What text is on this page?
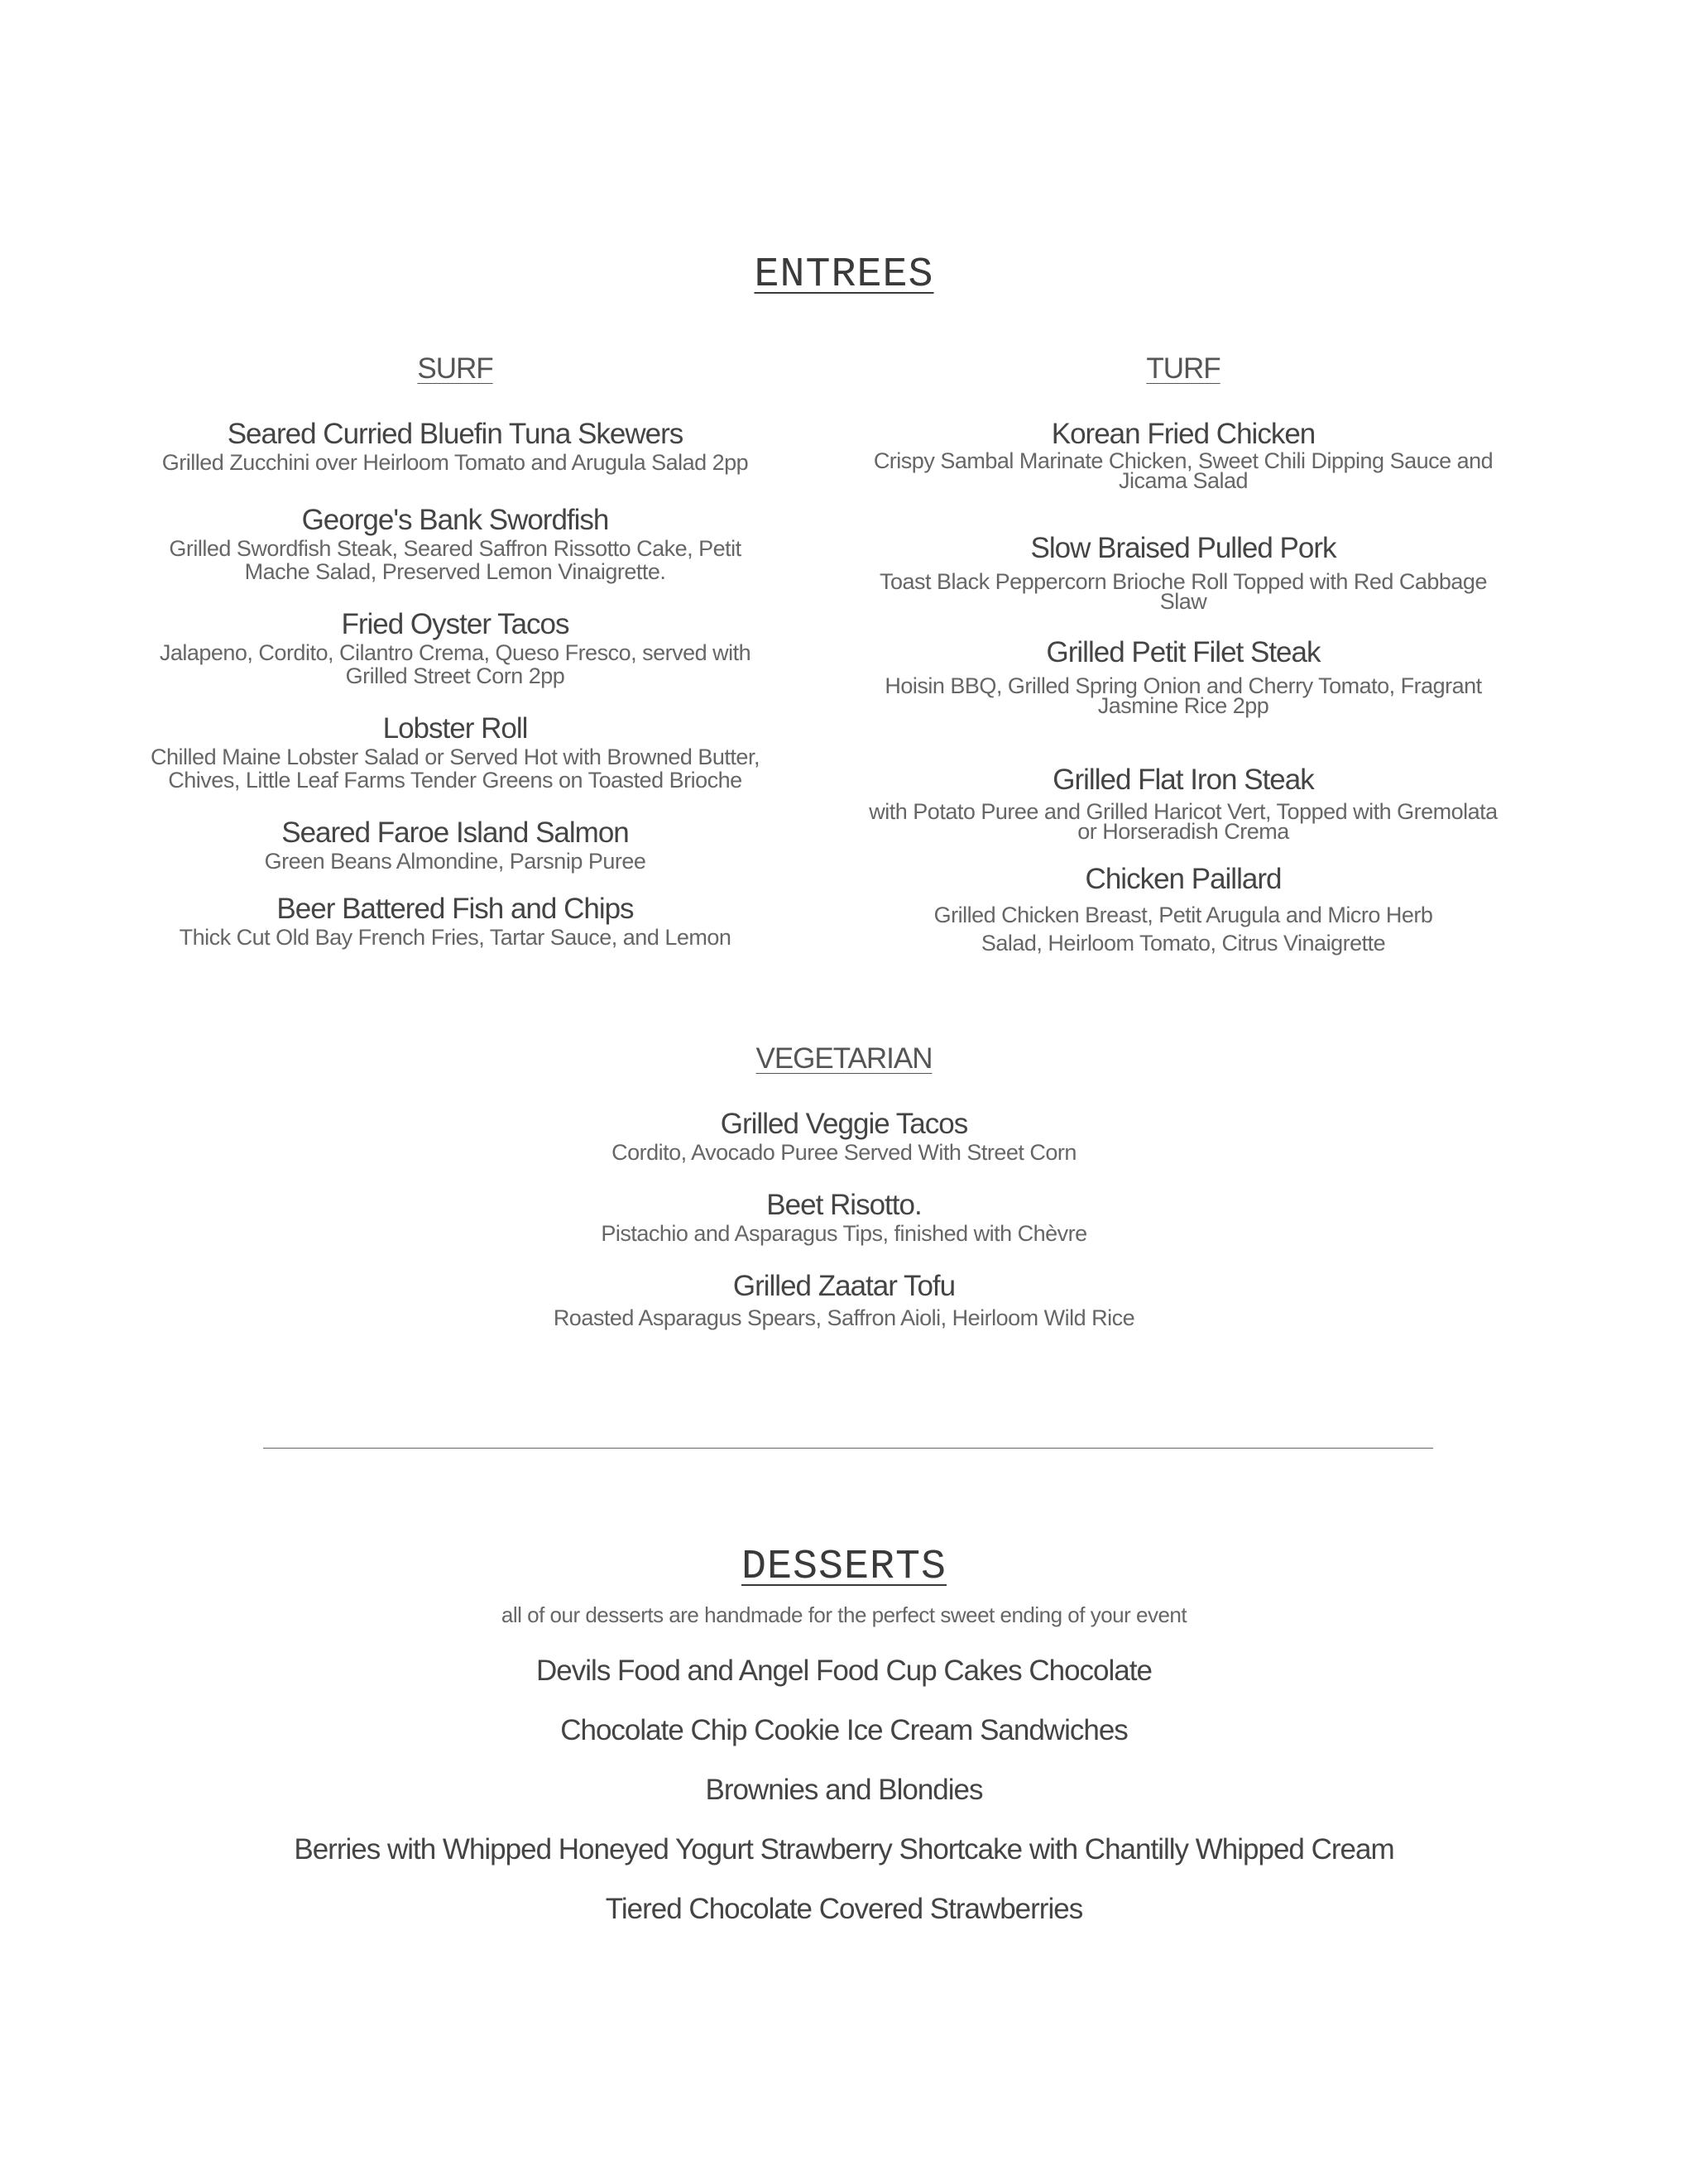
ENTREES
SURF
Seared Curried Bluefin Tuna Skewers
Grilled Zucchini over Heirloom Tomato and Arugula Salad 2pp
George's Bank Swordfish
Grilled Swordfish Steak, Seared Saffron Rissotto Cake, Petit Mache Salad, Preserved Lemon Vinaigrette.
Fried Oyster Tacos
Jalapeno, Cordito, Cilantro Crema, Queso Fresco, served with Grilled Street Corn 2pp
Lobster Roll
Chilled Maine Lobster Salad or Served Hot with Browned Butter, Chives, Little Leaf Farms Tender Greens on Toasted Brioche
Seared Faroe Island Salmon
Green Beans Almondine, Parsnip Puree
Beer Battered Fish and Chips
Thick Cut Old Bay French Fries, Tartar Sauce, and Lemon
TURF
Korean Fried Chicken
Crispy Sambal Marinate Chicken, Sweet Chili Dipping Sauce and Jicama Salad
Slow Braised Pulled Pork
Toast Black Peppercorn Brioche Roll Topped with Red Cabbage Slaw
Grilled Petit Filet Steak
Hoisin BBQ, Grilled Spring Onion and Cherry Tomato, Fragrant Jasmine Rice 2pp
Grilled Flat Iron Steak
with Potato Puree and Grilled Haricot Vert, Topped with Gremolata or Horseradish Crema
Chicken Paillard
Grilled Chicken Breast, Petit Arugula and Micro Herb Salad, Heirloom Tomato, Citrus Vinaigrette
VEGETARIAN
Grilled Veggie Tacos
Cordito, Avocado Puree Served With Street Corn
Beet Risotto.
Pistachio and Asparagus Tips, finished with Chèvre
Grilled Zaatar Tofu
Roasted Asparagus Spears, Saffron Aioli, Heirloom Wild Rice
DESSERTS
all of our desserts are handmade for the perfect sweet ending of your event
Devils Food and Angel Food Cup Cakes Chocolate
Chocolate Chip Cookie Ice Cream Sandwiches
Brownies and Blondies
Berries with Whipped Honeyed Yogurt Strawberry Shortcake with Chantilly Whipped Cream
Tiered Chocolate Covered Strawberries
